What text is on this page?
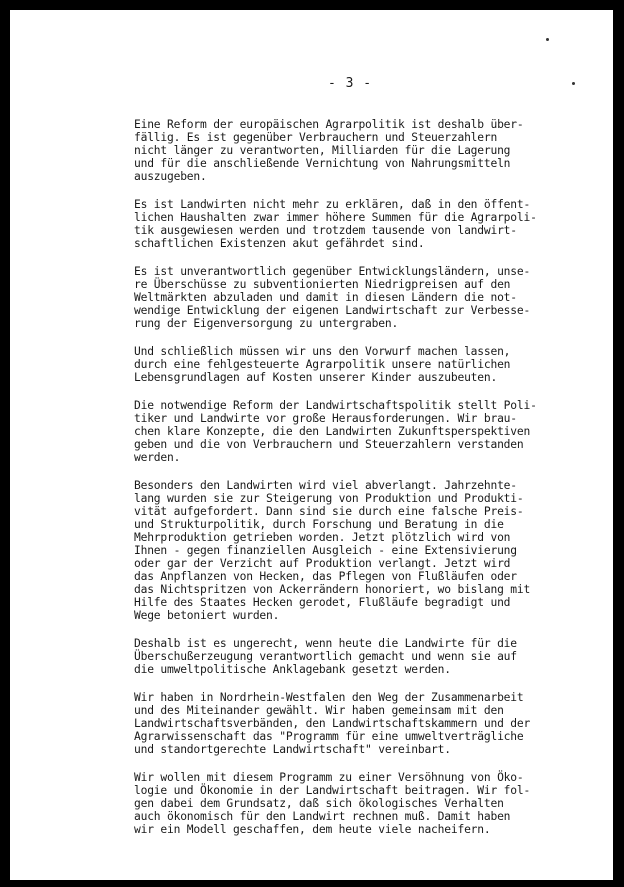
- 3 -

Eine Reform der europäischen Agrarpolitik ist deshalb über-
fällig. Es ist gegenüber Verbrauchern und Steuerzahlern
nicht länger zu verantworten, Milliarden für die Lagerung
und für die anschließende Vernichtung von Nahrungsmitteln
auszugeben.

Es ist Landwirten nicht mehr zu erklären, daß in den öffent-
lichen Haushalten zwar immer höhere Summen für die Agrarpoli-
tik ausgewiesen werden und trotzdem tausende von landwirt-
schaftlichen Existenzen akut gefährdet sind.

Es ist unverantwortlich gegenüber Entwicklungsländern, unse-
re Überschüsse zu subventionierten Niedrigpreisen auf den
Weltmärkten abzuladen und damit in diesen Ländern die not-
wendige Entwicklung der eigenen Landwirtschaft zur Verbesse-
rung der Eigenversorgung zu untergraben.

Und schließlich müssen wir uns den Vorwurf machen lassen,
durch eine fehlgesteuerte Agrarpolitik unsere natürlichen
Lebensgrundlagen auf Kosten unserer Kinder auszubeuten.

Die notwendige Reform der Landwirtschaftspolitik stellt Poli-
tiker und Landwirte vor große Herausforderungen. Wir brau-
chen klare Konzepte, die den Landwirten Zukunftsperspektiven
geben und die von Verbrauchern und Steuerzahlern verstanden
werden.

Besonders den Landwirten wird viel abverlangt. Jahrzehnte-
lang wurden sie zur Steigerung von Produktion und Produkti-
vität aufgefordert. Dann sind sie durch eine falsche Preis-
und Strukturpolitik, durch Forschung und Beratung in die
Mehrproduktion getrieben worden. Jetzt plötzlich wird von
Ihnen - gegen finanziellen Ausgleich - eine Extensivierung
oder gar der Verzicht auf Produktion verlangt. Jetzt wird
das Anpflanzen von Hecken, das Pflegen von Flußläufen oder
das Nichtspritzen von Ackerrändern honoriert, wo bislang mit
Hilfe des Staates Hecken gerodet, Flußläufe begradigt und
Wege betoniert wurden.

Deshalb ist es ungerecht, wenn heute die Landwirte für die
Überschußerzeugung verantwortlich gemacht und wenn sie auf
die umweltpolitische Anklagebank gesetzt werden.

Wir haben in Nordrhein-Westfalen den Weg der Zusammenarbeit
und des Miteinander gewählt. Wir haben gemeinsam mit den
Landwirtschaftsverbänden, den Landwirtschaftskammern und der
Agrarwissenschaft das "Programm für eine umweltverträgliche
und standortgerechte Landwirtschaft" vereinbart.

Wir wollen mit diesem Programm zu einer Versöhnung von Öko-
logie und Ökonomie in der Landwirtschaft beitragen. Wir fol-
gen dabei dem Grundsatz, daß sich ökologisches Verhalten
auch ökonomisch für den Landwirt rechnen muß. Damit haben
wir ein Modell geschaffen, dem heute viele nacheifern.
